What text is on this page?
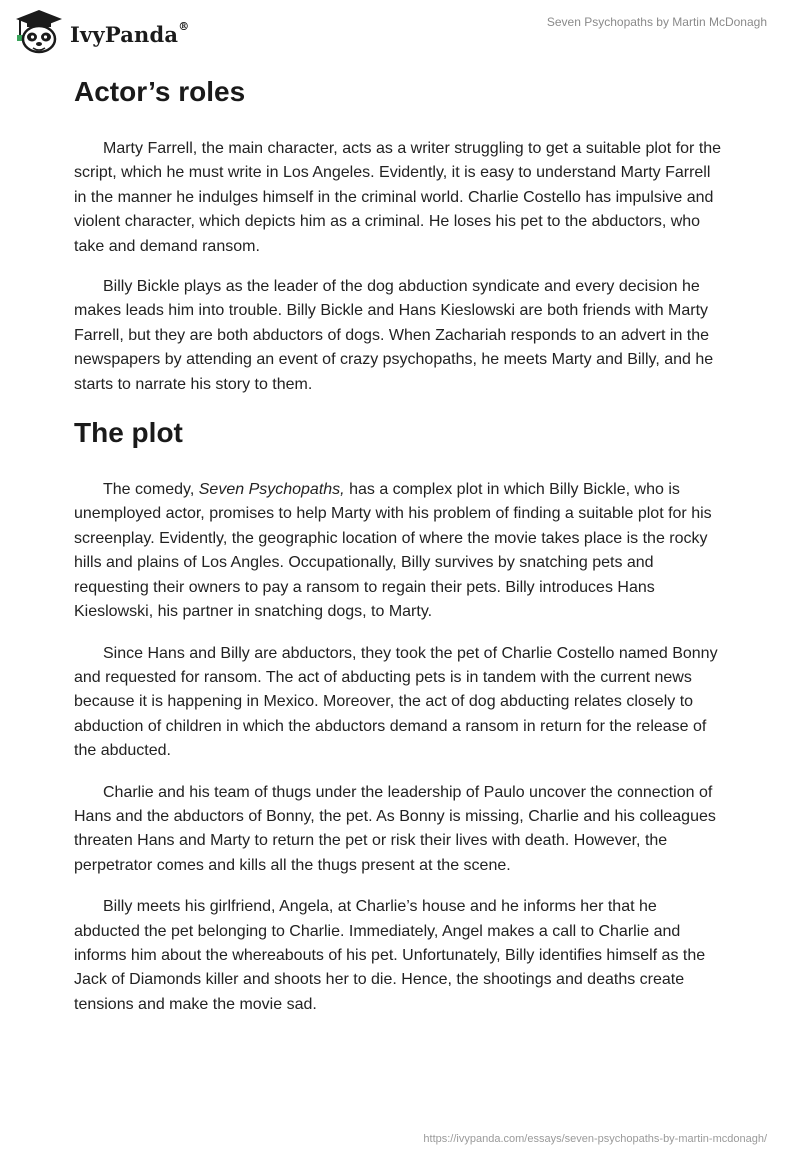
IvyPanda®	Seven Psychopaths by Martin McDonagh
Actor’s roles

Marty Farrell, the main character, acts as a writer struggling to get a suitable plot for the script, which he must write in Los Angeles. Evidently, it is easy to understand Marty Farrell in the manner he indulges himself in the criminal world. Charlie Costello has impulsive and violent character, which depicts him as a criminal. He loses his pet to the abductors, who take and demand ransom.

Billy Bickle plays as the leader of the dog abduction syndicate and every decision he makes leads him into trouble. Billy Bickle and Hans Kieslowski are both friends with Marty Farrell, but they are both abductors of dogs. When Zachariah responds to an advert in the newspapers by attending an event of crazy psychopaths, he meets Marty and Billy, and he starts to narrate his story to them.

The plot

The comedy, Seven Psychopaths, has a complex plot in which Billy Bickle, who is unemployed actor, promises to help Marty with his problem of finding a suitable plot for his screenplay. Evidently, the geographic location of where the movie takes place is the rocky hills and plains of Los Angles. Occupationally, Billy survives by snatching pets and requesting their owners to pay a ransom to regain their pets. Billy introduces Hans Kieslowski, his partner in snatching dogs, to Marty.

Since Hans and Billy are abductors, they took the pet of Charlie Costello named Bonny and requested for ransom. The act of abducting pets is in tandem with the current news because it is happening in Mexico. Moreover, the act of dog abducting relates closely to abduction of children in which the abductors demand a ransom in return for the release of the abducted.

Charlie and his team of thugs under the leadership of Paulo uncover the connection of Hans and the abductors of Bonny, the pet. As Bonny is missing, Charlie and his colleagues threaten Hans and Marty to return the pet or risk their lives with death. However, the perpetrator comes and kills all the thugs present at the scene.

Billy meets his girlfriend, Angela, at Charlie’s house and he informs her that he abducted the pet belonging to Charlie. Immediately, Angel makes a call to Charlie and informs him about the whereabouts of his pet. Unfortunately, Billy identifies himself as the Jack of Diamonds killer and shoots her to die. Hence, the shootings and deaths create tensions and make the movie sad.

https://ivypanda.com/essays/seven-psychopaths-by-martin-mcdonagh/
